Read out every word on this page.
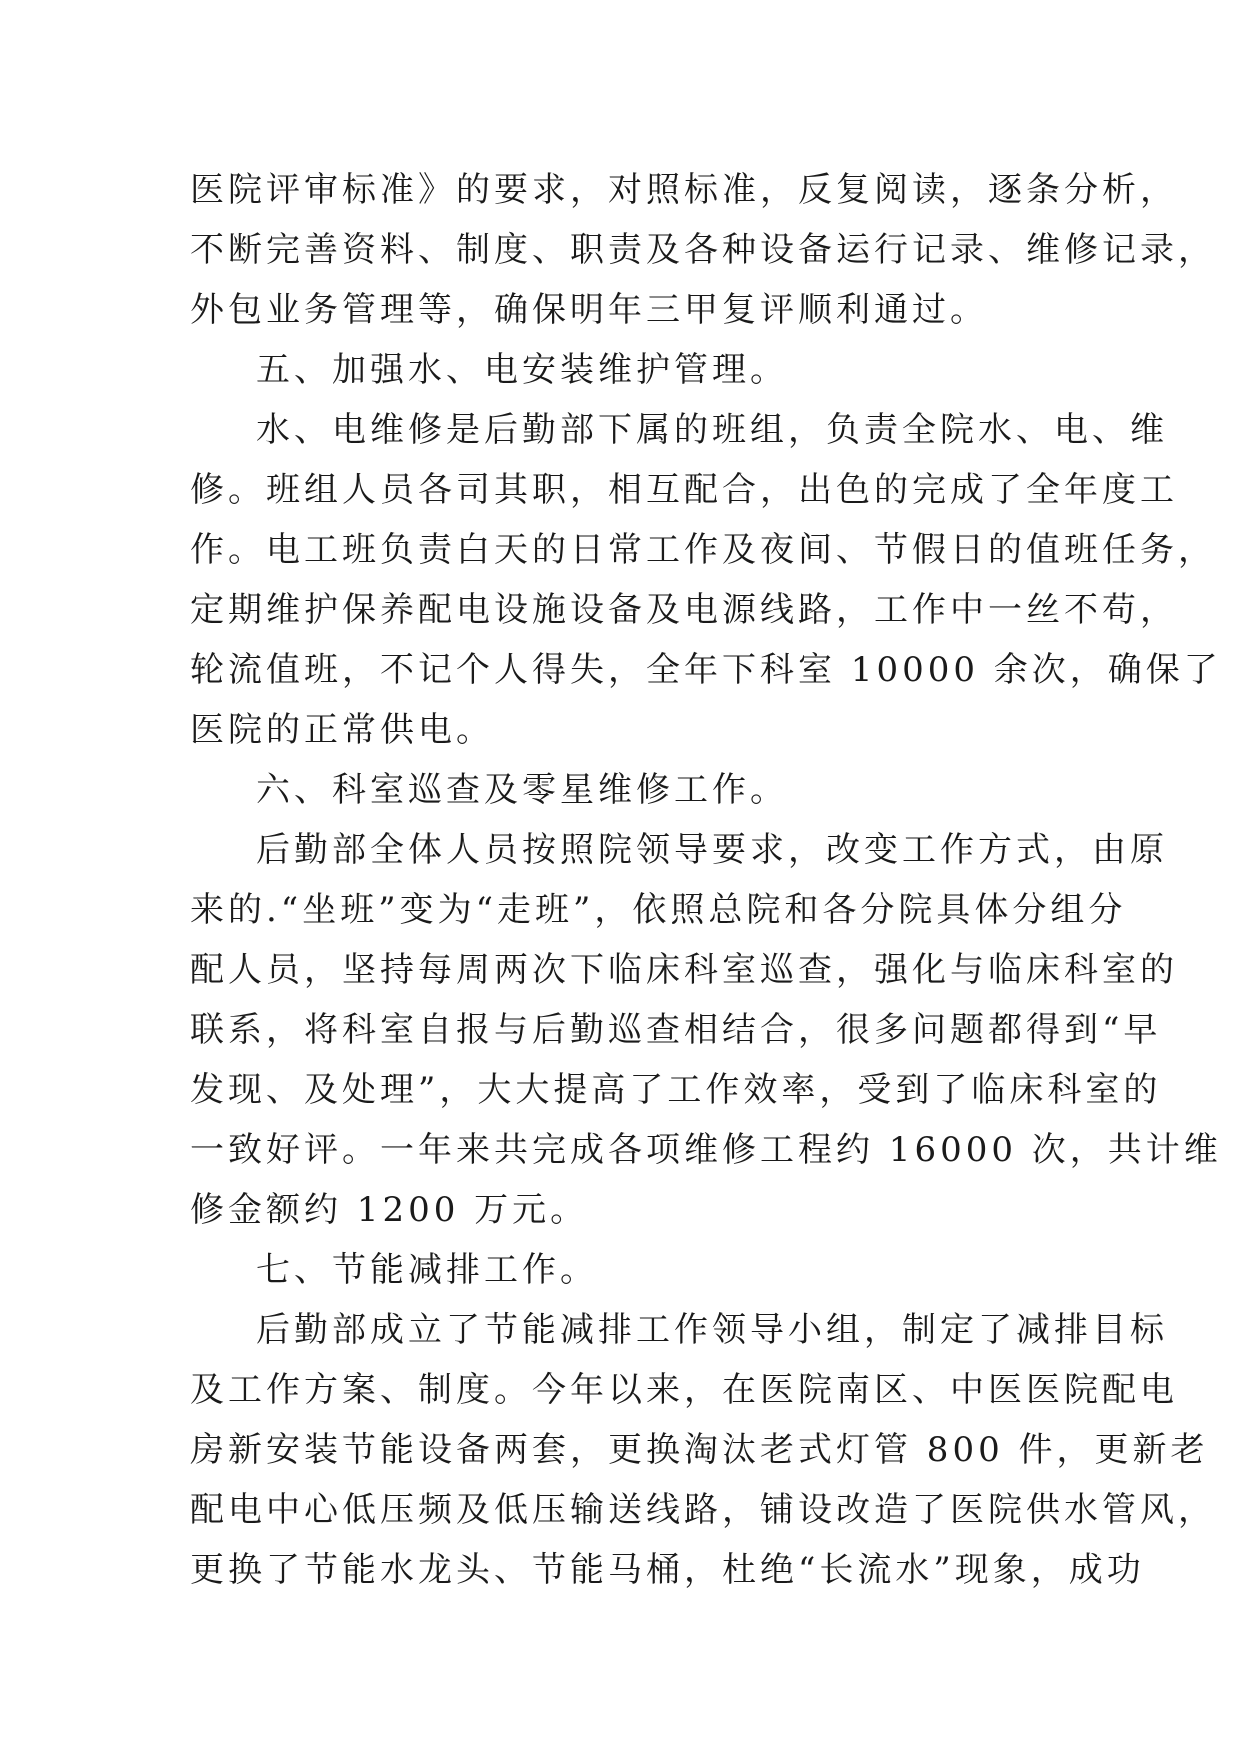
医院评审标准》的要求，对照标准，反复阅读，逐条分析，
不断完善资料、制度、职责及各种设备运行记录、维修记录，
外包业务管理等，确保明年三甲复评顺利通过。
五、加强水、电安装维护管理。
水、电维修是后勤部下属的班组，负责全院水、电、维
修。班组人员各司其职，相互配合，出色的完成了全年度工
作。电工班负责白天的日常工作及夜间、节假日的值班任务，
定期维护保养配电设施设备及电源线路，工作中一丝不苟，
轮流值班，不记个人得失，全年下科室 10000 余次，确保了
医院的正常供电。
六、科室巡查及零星维修工作。
后勤部全体人员按照院领导要求，改变工作方式，由原
来的.“坐班”变为“走班”，依照总院和各分院具体分组分
配人员，坚持每周两次下临床科室巡查，强化与临床科室的
联系，将科室自报与后勤巡查相结合，很多问题都得到“早
发现、及处理”，大大提高了工作效率，受到了临床科室的
一致好评。一年来共完成各项维修工程约 16000 次，共计维
修金额约 1200 万元。
七、节能减排工作。
后勤部成立了节能减排工作领导小组，制定了减排目标
及工作方案、制度。今年以来，在医院南区、中医医院配电
房新安装节能设备两套，更换淘汰老式灯管 800 件，更新老
配电中心低压频及低压输送线路，铺设改造了医院供水管风，
更换了节能水龙头、节能马桶，杜绝“长流水”现象，成功
